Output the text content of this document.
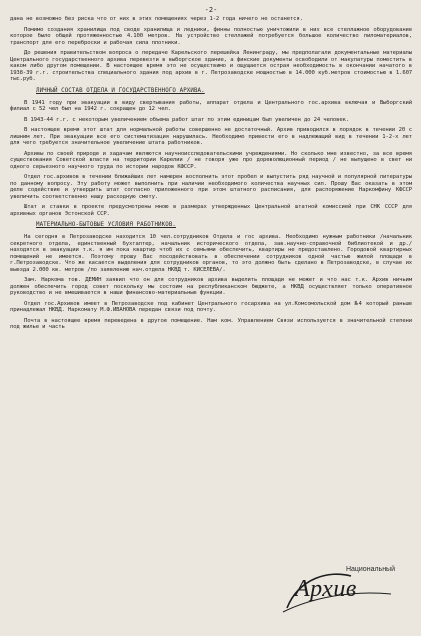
-2-

дана не возможно без риска что от них в этих помещениях через 1-2 года ничего не останется.

Помимо создания хранилища под своде хранилища и ледники, финны полностью уничтожили в них все стеллажное оборудование которое было общей протяженностью 4.100 метров. На устройство стеллажей потребуется большое количество пиломатериалов, транспорт для его переброски и рабочая сила плотники.

До решения правительством вопроса о передаче Карельского перешейка Ленинграду, мы предполагали документальные материалы Центрального государственного архива перевезти в выборгское здание, а финские документы освободили от макулатуры поместить в каком либо другом помещении. В настоящее время это не осуществимо и ощущается острая необходимость в окончании начатого в 1938-39 г.г. строительства специального здания под архив в г. Петрозаводске мощностью в 14.000 куб.метров стоимостью в 1.607 тыс.руб.

ЛИЧНЫЙ СОСТАВ ОТДЕЛА И ГОСУДАРСТВЕННОГО АРХИВА.

В 1941 году при эвакуации в виду свертывания работы, аппарат отдела и Центрального гос.архива включая и Выборгский филиал с 52 чел был на 1942 г. сокращен до 12 чел.

В 1943-44 г.г. с некоторым увеличением объема работ штат по этим единицам был увеличен до 24 человек.

В настоящее время этот штат для нормальной работы совершенно не достаточный. Архив приводился в порядок в течении 20 с лишним лет. При эвакуации все его систематизация нарушилась. Необходимо привести его в надлежащий вид в течении 1-2-х лет для чего требуется значительное увеличение штата работников.

Архивы по своей природе и задачам являются научноисследовательскими учреждениями. Но сколько мне известно, за все время существования Советской власти на территории Карелии / не говоря уже про дореволюционный период / не выпущено в свет ни одного серьезного научного труда по истории народов КФССР.

Отдел гос.архивов в течении ближайших лет намерен восполнить этот пробел и выпустить ряд научной и популярной литературы по данному вопросу. Эту работу может выполнить при наличии необходимого количества научных сил. Прошу Вас оказать в этом деле содействие и утвердить штат согласно приложенного при этом штатного расписания, для распоряжение Наркомфину КФССР увеличить соответственно нашу расходную смету.

Штат и ставки в проекте предусмотрены мною в размерах утвержденных Центральной штатной комиссией при СНК СССР для архивных органов Эстонской ССР.

МАТЕРИАЛЬНО-БЫТОВЫЕ УСЛОВИЯ РАБОТНИКОВ.

На сегодня в Петрозаводске находится 10 чел.сотрудников Отдела и гос архива. Необходимо нужным работники /начальник секретного отдела, единственный бухгалтер, начальник исторического отдела, зав.научно-справочной библиотекой и др./ находятся в эвакуации т.к. я им пока квартир чтоб их с семьями обеспечить, квартиры не предоставлено. Городовой квартирных помещений не имеется. Поэтому прошу Вас посодействовать в обеспечении сотрудников одной частью жилой площади в г.Петрозаводске. Что же касается выделения для сотрудников органов, то это должно быть сделано в Петрозаводске, в случае их выезда 2.000 кв. метров /по заявлению нач.отдела НКВД т. КИСЕЛЕВА/.

Зам. Наркома тов. ДЕМИН заявил что он для сотрудников архива выделить площади не может и что нас т.к. Архив ничьим должен обеспечить город совет поскольку мы состоим на республиканском бюджете, а НКВД осуществляет только оперативное руководство и не вмешивается в наши финансово-материальные функции.

Отдел гос.Архивов имеет в Петрозаводске под кабинет Центрального госархива на ул.Комсомольской дом №4 который раньше принадлежал НКВД. Наркомату М.Ф.ИВАНОВА передан связи под почту.

Почта в настоящее время переведена в другое помещение. Нам ком. Управлением Связи используется в значительной степени под жилье и часть

Национальный
Архив
